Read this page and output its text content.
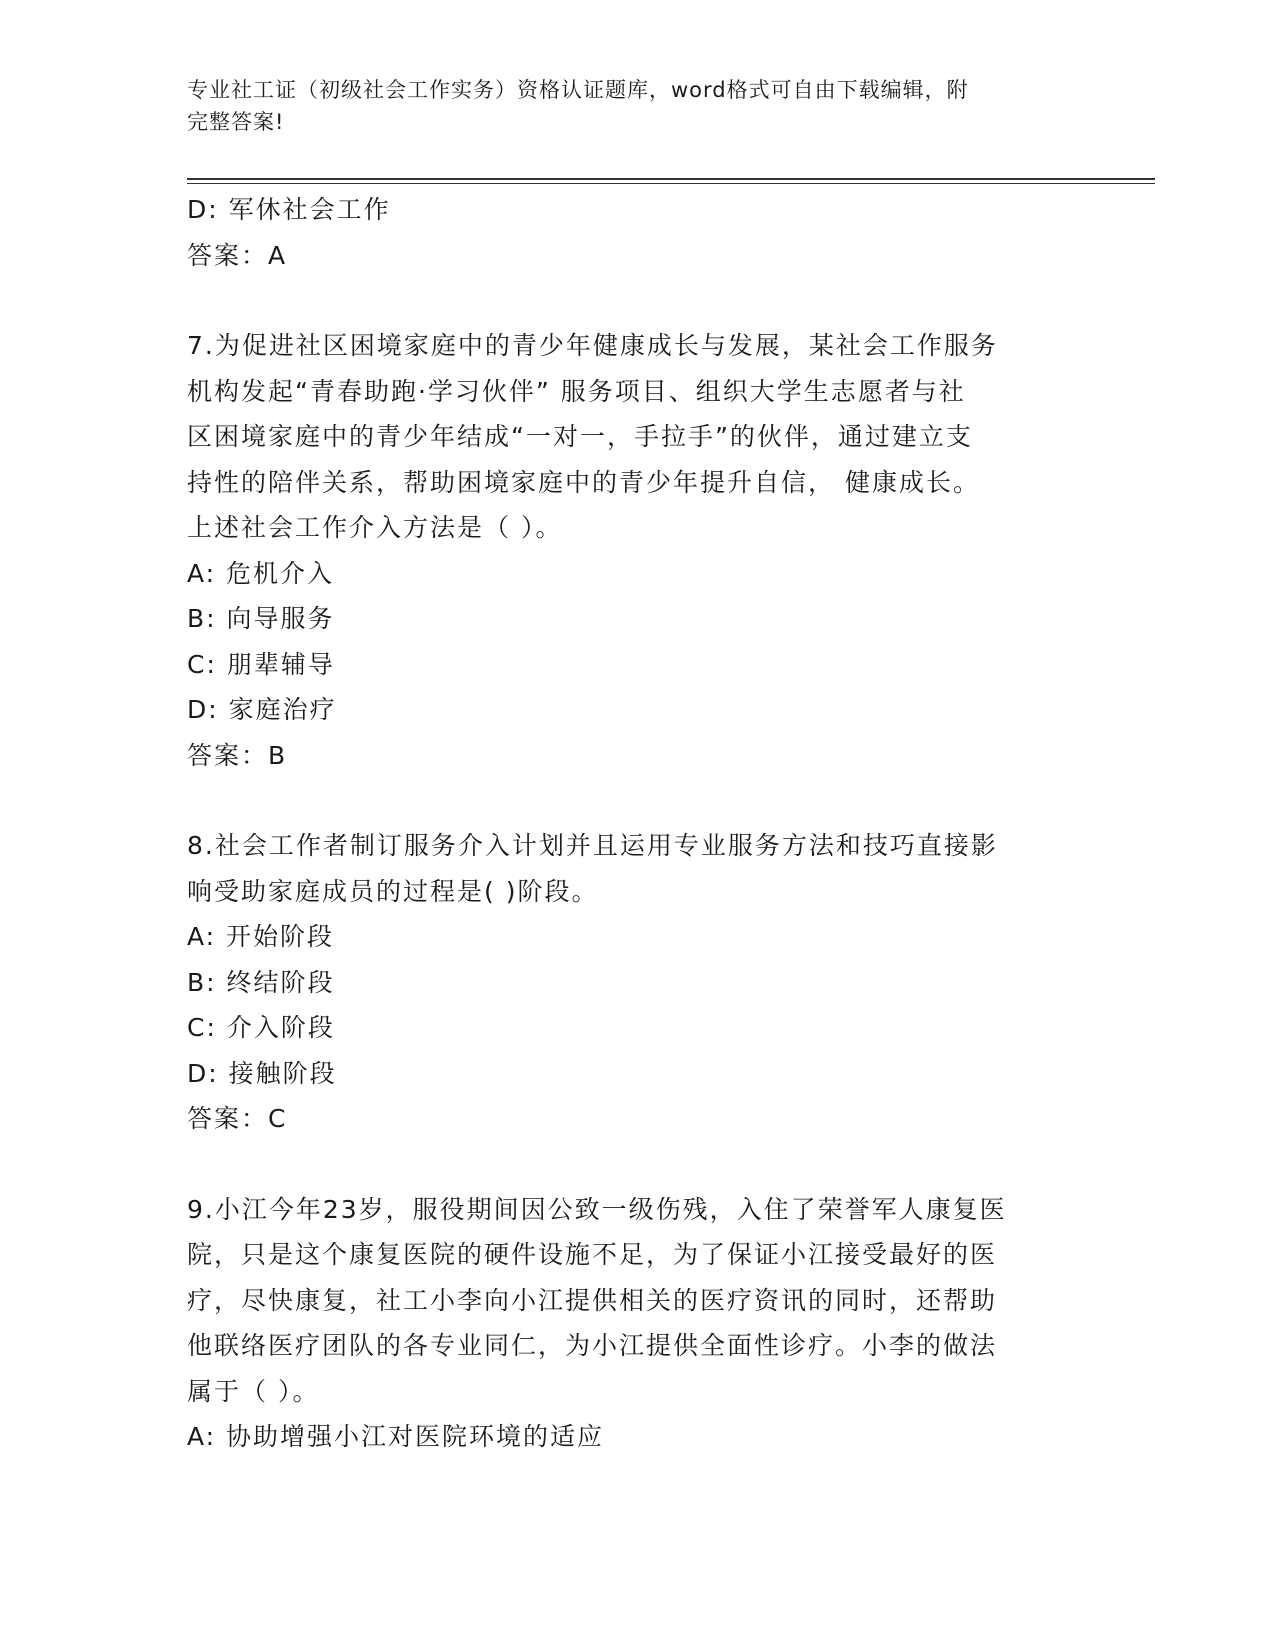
专业社工证（初级社会工作实务）资格认证题库，word格式可自由下载编辑，附
完整答案!
D: 军休社会工作
答案：A
7.为促进社区困境家庭中的青少年健康成长与发展，某社会工作服务
机构发起“青春助跑·学习伙伴” 服务项目、组织大学生志愿者与社
区困境家庭中的青少年结成“一对一，手拉手”的伙伴，通过建立支
持性的陪伴关系，帮助困境家庭中的青少年提升自信， 健康成长。
上述社会工作介入方法是（ ）。
A: 危机介入
B: 向导服务
C: 朋辈辅导
D: 家庭治疗
答案：B
8.社会工作者制订服务介入计划并且运用专业服务方法和技巧直接影
响受助家庭成员的过程是( )阶段。
A: 开始阶段
B: 终结阶段
C: 介入阶段
D: 接触阶段
答案：C
9.小江今年23岁，服役期间因公致一级伤残，入住了荣誉军人康复医
院，只是这个康复医院的硬件设施不足，为了保证小江接受最好的医
疗，尽快康复，社工小李向小江提供相关的医疗资讯的同时，还帮助
他联络医疗团队的各专业同仁，为小江提供全面性诊疗。小李的做法
属于（ ）。
A: 协助增强小江对医院环境的适应
